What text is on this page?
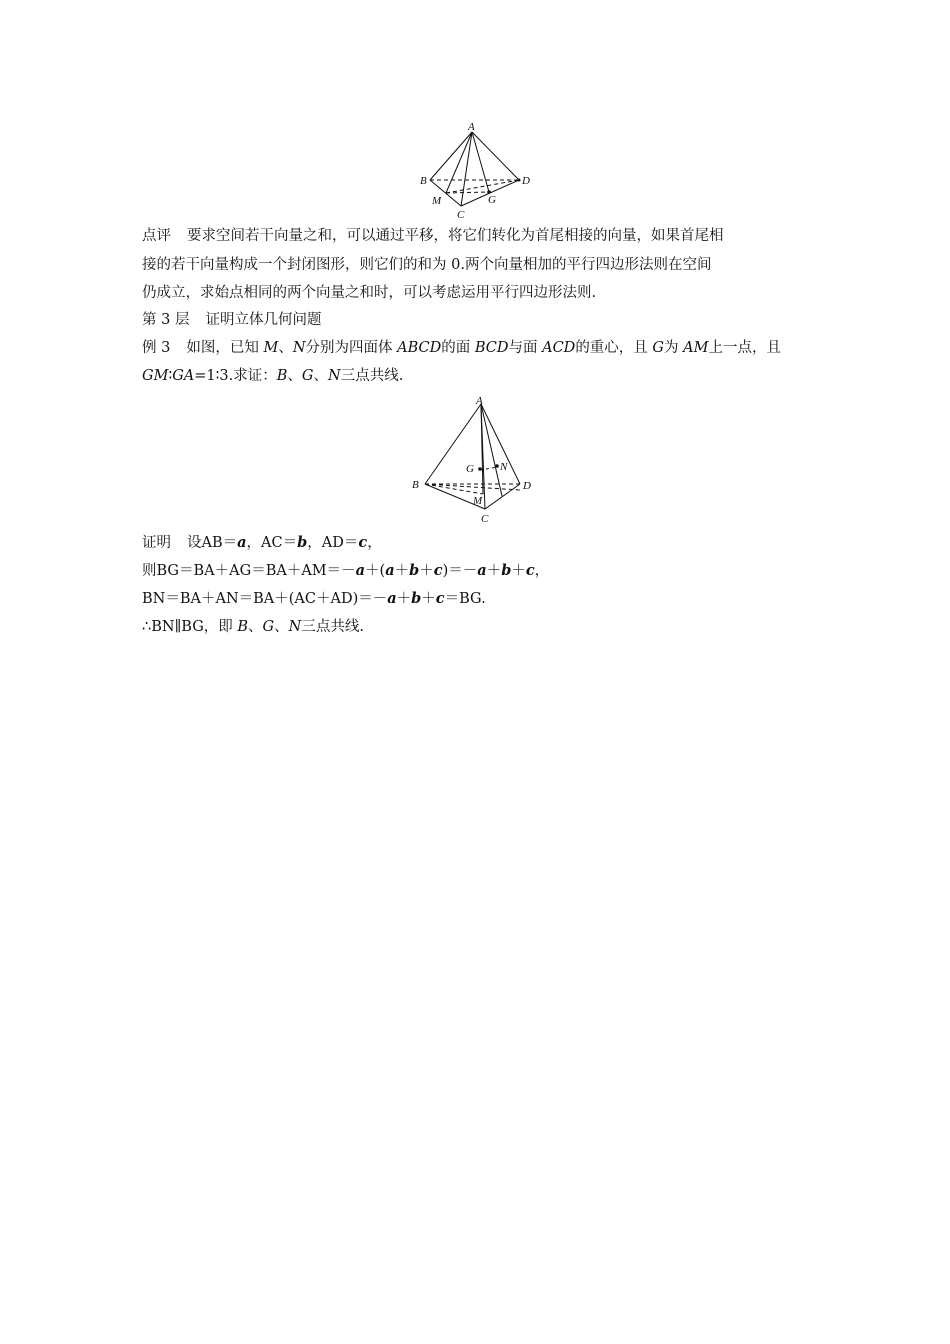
A
B	D
C
M	G
点评 要求空间若干向量之和，可以通过平移，将它们转化为首尾相接的向量，如果首尾相
接的若干向量构成一个封闭图形，则它们的和为 0.两个向量相加的平行四边形法则在空间
仍成立，求始点相同的两个向量之和时，可以考虑运用平行四边形法则.
第 3 层 证明立体几何问题
例 3 如图，已知 M、N分别为四面体 ABCD的面 BCD与面 ACD的重心，且 G为 AM上一点，且
GM∶GA=1∶3.求证：B、G、N三点共线.
A
B	D
C
M
G N
证明 设AB＝a，AC＝b，AD＝c，
则BG＝BA＋AG＝BA＋AM＝－a＋(a＋b＋c)＝－a＋b＋c，
BN＝BA＋AN＝BA＋(AC＋AD)＝－a＋b＋c＝BG.
∴BN∥BG，即 B、G、N三点共线.
